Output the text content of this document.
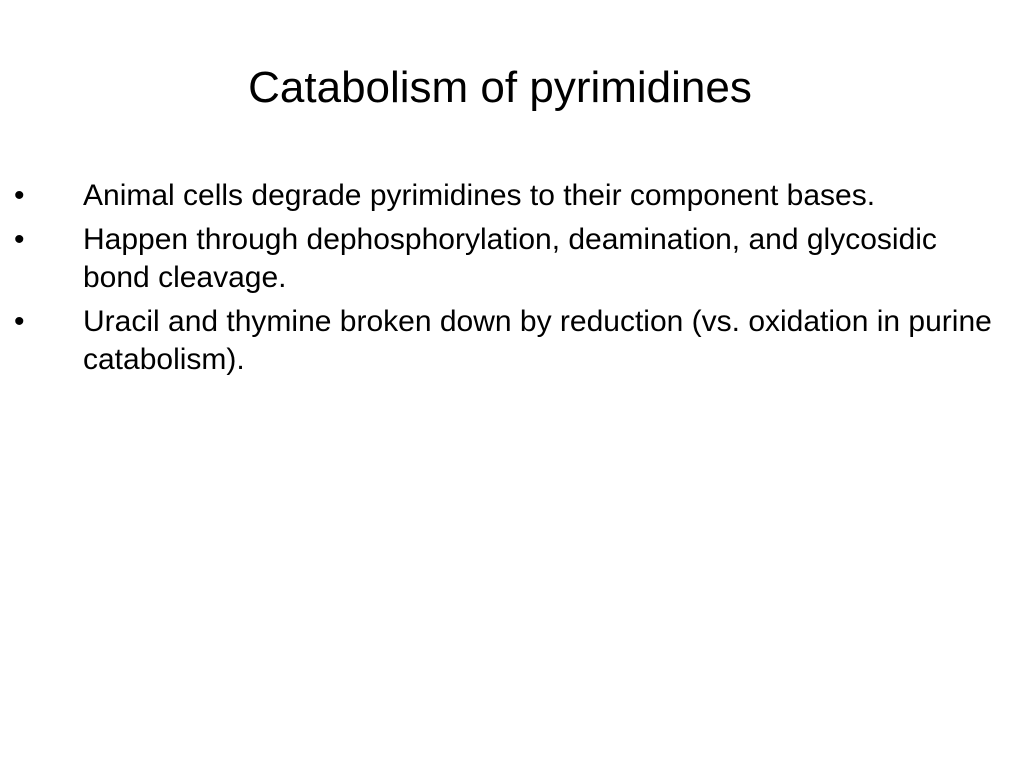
Catabolism of pyrimidines
• Animal cells degrade pyrimidines to their component bases.
• Happen through dephosphorylation, deamination, and glycosidic bond cleavage.
• Uracil and thymine broken down by reduction (vs. oxidation in purine catabolism).
